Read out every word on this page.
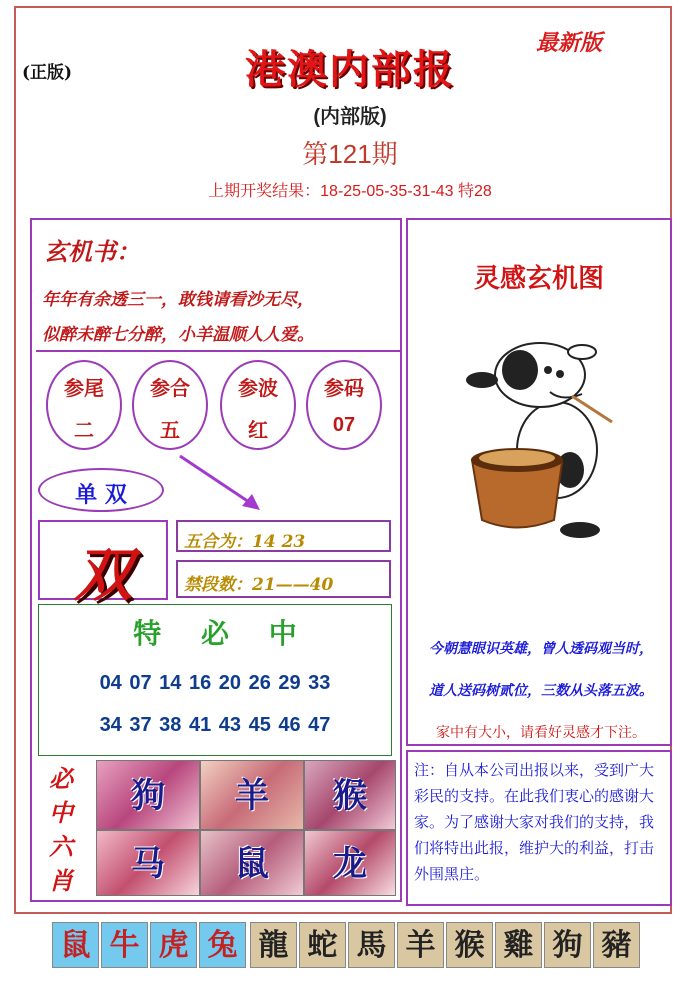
(正版)
最新版
港澳内部报
(内部版)
第121期
上期开奖结果：18-25-05-35-31-43 特28
玄机书：
年年有余透三一，敢钱请看沙无尽，
似醉未醉七分醉，小羊温顺人人爱。
参尾
二
参合
五
参波
红
参码
07
单 双
双	五合为：14 23
禁段数：21——40
特 必 中
04 07 14 16 20 26 29 33
34 37 38 41 43 45 46 47
必中六肖
狗	羊	猴
马	鼠	龙
灵感玄机图
今朝慧眼识英雄，曾人透码观当时，
道人送码树贰位，三数从头落五波。
家中有大小，请看好灵感才下注。
注：自从本公司出报以来，受到广大彩民的支持。在此我们衷心的感谢大家。为了感谢大家对我们的支持，我们将特出此报，维护大的利益，打击外围黑庄。
鼠 牛 虎 兔 龍 蛇 馬 羊 猴 雞 狗 豬
